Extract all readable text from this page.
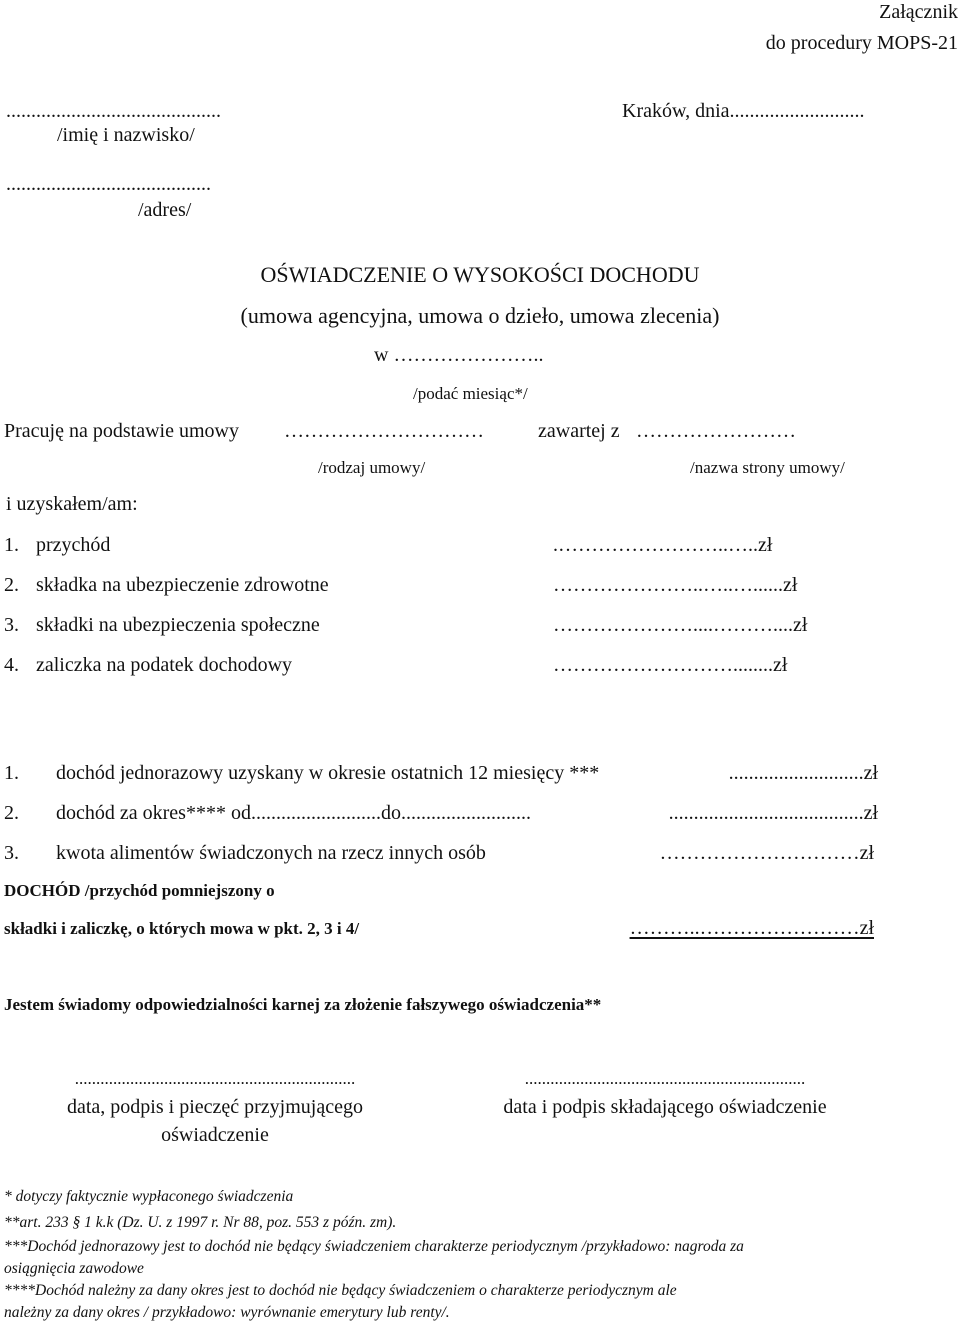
Załącznik
do procedury MOPS-21
...........................................
/imię i nazwisko/
Kraków, dnia...........................
.........................................
/adres/
OŚWIADCZENIE O WYSOKOŚCI DOCHODU
(umowa agencyjna, umowa o dzieło, umowa zlecenia)
w …………………..
/podać miesiąc*/
Pracuję na podstawie umowy …………………………	zawartej z ……………………
/rodzaj umowy/	/nazwa strony umowy/
i uzyskałem/am:
1. przychód	.……………………..…..zł
2. składka na ubezpieczenie zdrowotne	…………………..…..…......zł
3. składki na ubezpieczenia społeczne	…………………....………....zł
4. zaliczka na podatek dochodowy	………………………........zł
1. dochód jednorazowy uzyskany w okresie ostatnich 12 miesięcy ***	...........................zł
2. dochód za okres**** od..........................do..........................	.......................................zł
3. kwota alimentów świadczonych na rzecz innych osób	…………………………zł
DOCHÓD /przychód pomniejszony o
składki i zaliczkę, o których mowa w pkt. 2, 3 i 4/	………..……………………zł
Jestem świadomy odpowiedzialności karnej za złożenie fałszywego oświadczenia**
..................................................................
data, podpis i pieczęć przyjmującego
oświadczenie
..................................................................
data i podpis składającego oświadczenie
* dotyczy faktycznie wypłaconego świadczenia
**art. 233 § 1 k.k (Dz. U. z 1997 r. Nr 88, poz. 553 z późn. zm).
***Dochód jednorazowy jest to dochód nie będący świadczeniem charakterze periodycznym /przykładowo: nagroda za
osiągnięcia zawodowe
****Dochód należny za dany okres jest to dochód nie będący świadczeniem o charakterze periodycznym ale
należny za dany okres / przykładowo: wyrównanie emerytury lub renty/.
